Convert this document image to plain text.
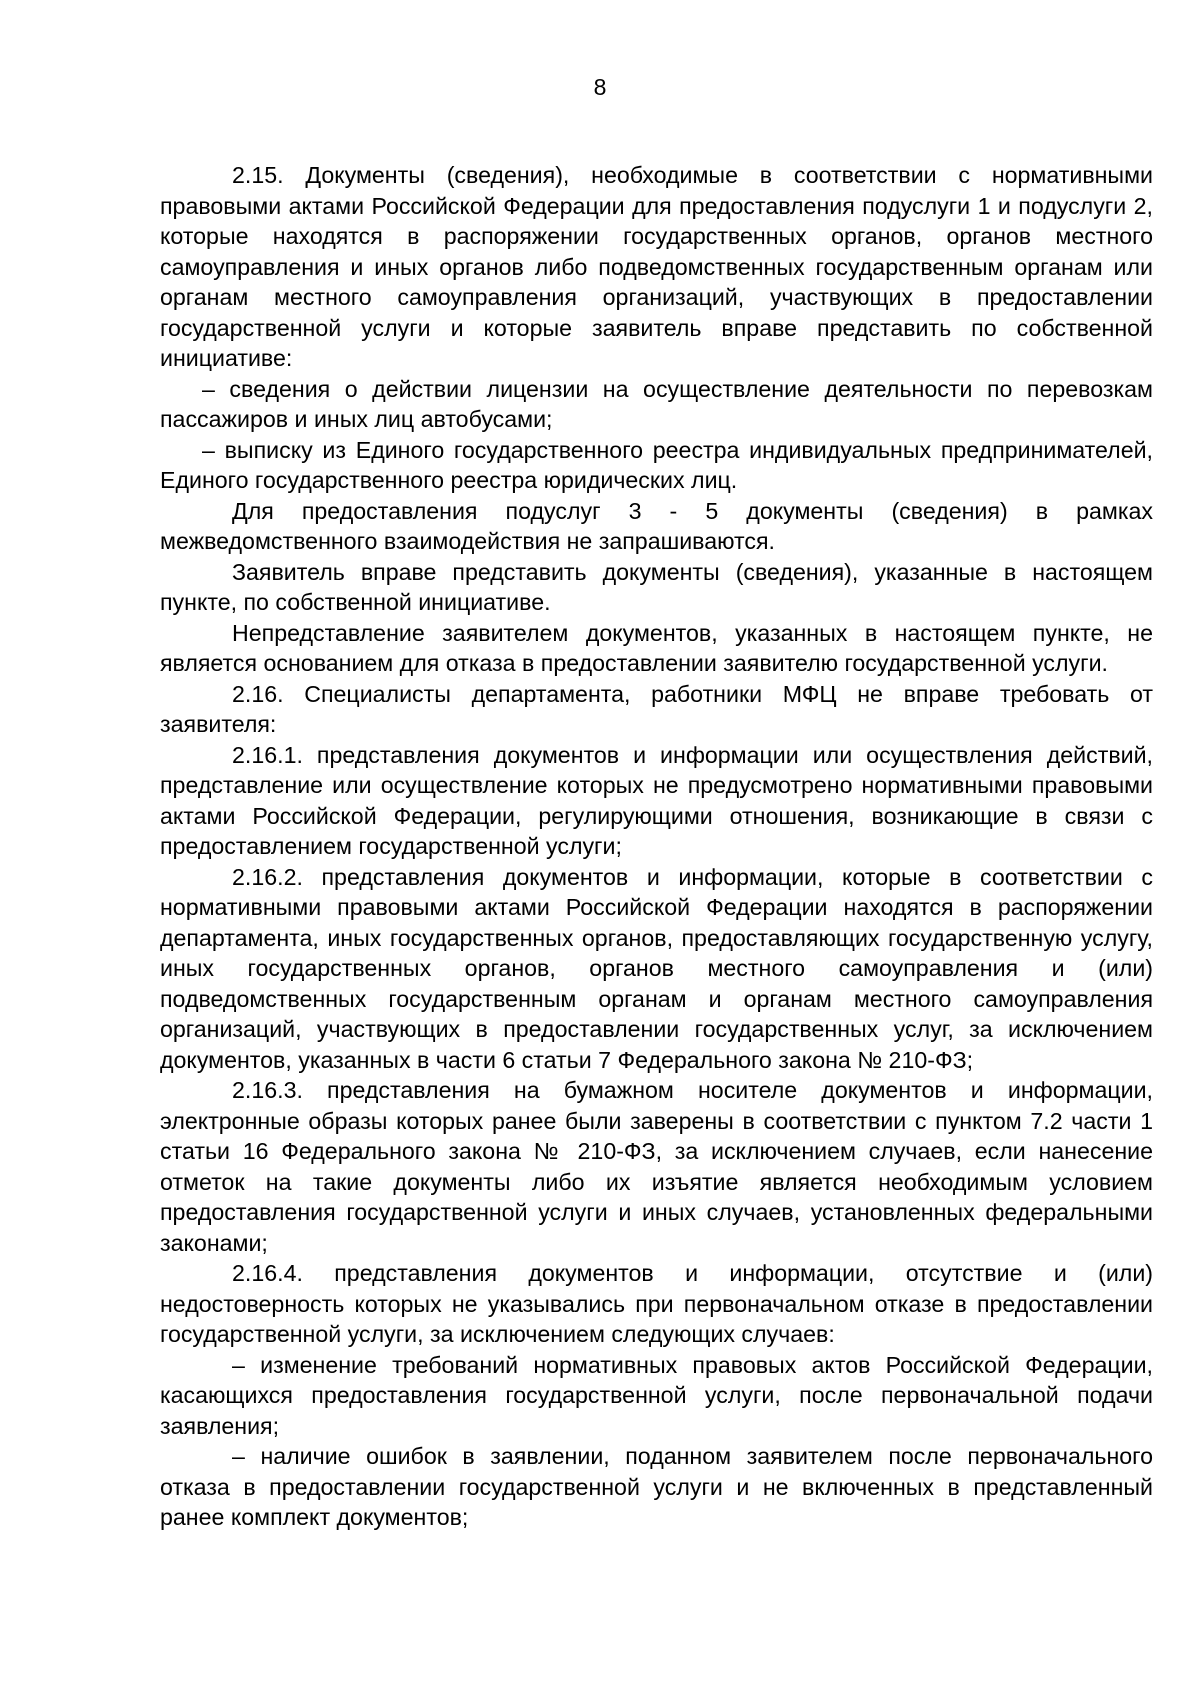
8

2.15. Документы (сведения), необходимые в соответствии с нормативными правовыми актами Российской Федерации для предоставления подуслуги 1 и подуслуги 2, которые находятся в распоряжении государственных органов, органов местного самоуправления и иных органов либо подведомственных государственным органам или органам местного самоуправления организаций, участвующих в предоставлении государственной услуги и которые заявитель вправе представить по собственной инициативе:

– сведения о действии лицензии на осуществление деятельности по перевозкам пассажиров и иных лиц автобусами;

– выписку из Единого государственного реестра индивидуальных предпринимателей, Единого государственного реестра юридических лиц.

Для предоставления подуслуг 3 - 5 документы (сведения) в рамках межведомственного взаимодействия не запрашиваются.

Заявитель вправе представить документы (сведения), указанные в настоящем пункте, по собственной инициативе.

Непредставление заявителем документов, указанных в настоящем пункте, не является основанием для отказа в предоставлении заявителю государственной услуги.

2.16. Специалисты департамента, работники МФЦ не вправе требовать от заявителя:

2.16.1. представления документов и информации или осуществления действий, представление или осуществление которых не предусмотрено нормативными правовыми актами Российской Федерации, регулирующими отношения, возникающие в связи с предоставлением государственной услуги;

2.16.2. представления документов и информации, которые в соответствии с нормативными правовыми актами Российской Федерации находятся в распоряжении департамента, иных государственных органов, предоставляющих государственную услугу, иных государственных органов, органов местного самоуправления и (или) подведомственных государственным органам и органам местного самоуправления организаций, участвующих в предоставлении государственных услуг, за исключением документов, указанных в части 6 статьи 7 Федерального закона № 210-ФЗ;

2.16.3. представления на бумажном носителе документов и информации, электронные образы которых ранее были заверены в соответствии с пунктом 7.2 части 1 статьи 16 Федерального закона № 210-ФЗ, за исключением случаев, если нанесение отметок на такие документы либо их изъятие является необходимым условием предоставления государственной услуги и иных случаев, установленных федеральными законами;

2.16.4. представления документов и информации, отсутствие и (или) недостоверность которых не указывались при первоначальном отказе в предоставлении государственной услуги, за исключением следующих случаев:

– изменение требований нормативных правовых актов Российской Федерации, касающихся предоставления государственной услуги, после первоначальной подачи заявления;

– наличие ошибок в заявлении, поданном заявителем после первоначального отказа в предоставлении государственной услуги и не включенных в представленный ранее комплект документов;
